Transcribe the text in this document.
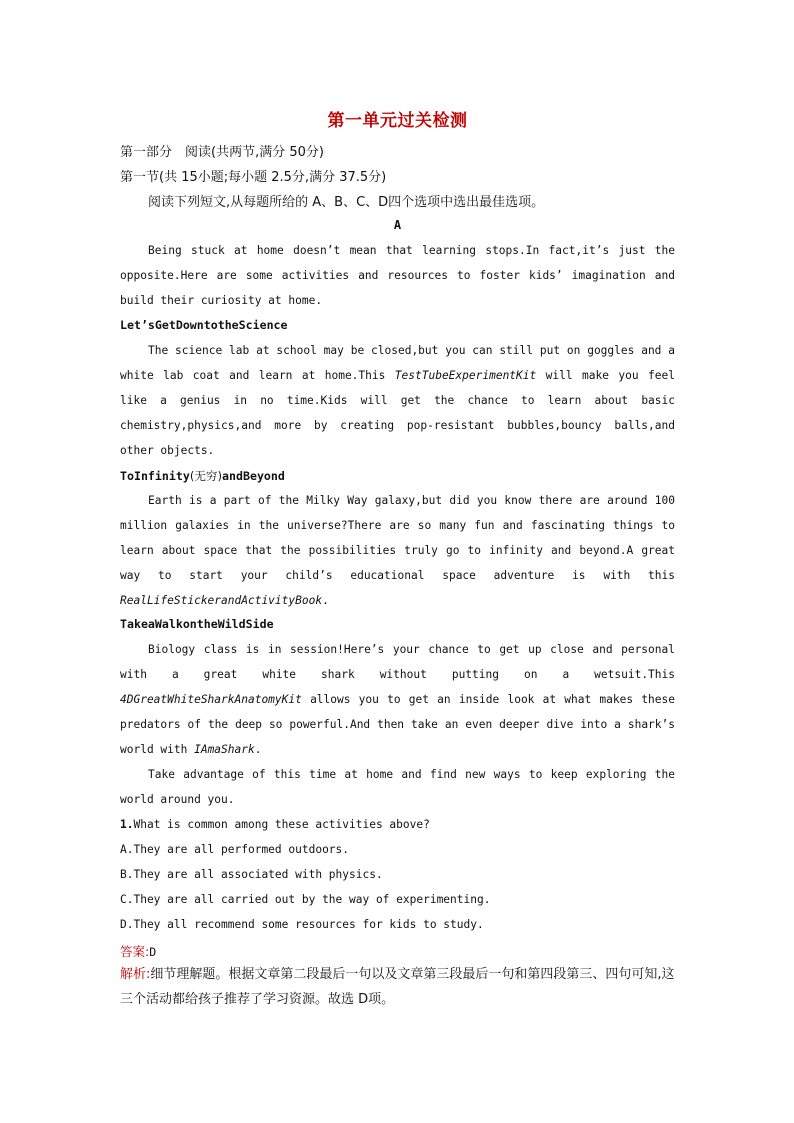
第一单元过关检测
第一部分　阅读(共两节,满分 50分)
第一节(共 15小题;每小题 2.5分,满分 37.5分)
阅读下列短文,从每题所给的 A、B、C、D四个选项中选出最佳选项。
A
Being stuck at home doesn’t mean that learning stops.In fact,it’s just the opposite.Here are some activities and resources to foster kids’ imagination and build their curiosity at home.
Let’sGetDowntotheScience
The science lab at school may be closed,but you can still put on goggles and a white lab coat and learn at home.This TestTubeExperimentKit will make you feel like a genius in no time.Kids will get the chance to learn about basic chemistry,physics,and more by creating pop-resistant bubbles,bouncy balls,and other objects.
ToInfinity(无穷)andBeyond
Earth is a part of the Milky Way galaxy,but did you know there are around 100 million galaxies in the universe?There are so many fun and fascinating things to learn about space that the possibilities truly go to infinity and beyond.A great way to start your child’s educational space adventure is with this RealLifeStickerandActivityBook.
TakeaWalkontheWildSide
Biology class is in session!Here’s your chance to get up close and personal with a great white shark without putting on a wetsuit.This 4DGreatWhiteSharkAnatomyKit allows you to get an inside look at what makes these predators of the deep so powerful.And then take an even deeper dive into a shark’s world with IAmaShark.
Take advantage of this time at home and find new ways to keep exploring the world around you.
1.What is common among these activities above?
A.They are all performed outdoors.
B.They are all associated with physics.
C.They are all carried out by the way of experimenting.
D.They all recommend some resources for kids to study.
答案:D
解析:细节理解题。根据文章第二段最后一句以及文章第三段最后一句和第四段第三、四句可知,这三个活动都给孩子推荐了学习资源。故选 D项。
